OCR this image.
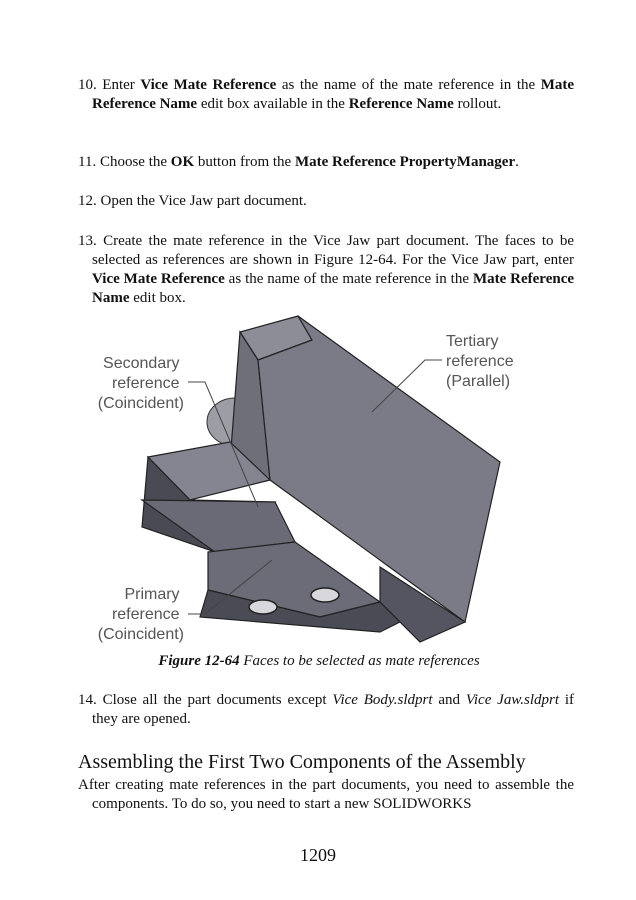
10. Enter Vice Mate Reference as the name of the mate reference in the Mate Reference Name edit box available in the Reference Name rollout.

11. Choose the OK button from the Mate Reference PropertyManager.

12. Open the Vice Jaw part document.

13. Create the mate reference in the Vice Jaw part document. The faces to be selected as references are shown in Figure 12-64. For the Vice Jaw part, enter Vice Mate Reference as the name of the mate reference in the Mate Reference Name edit box.

Secondary reference (Coincident)
Tertiary reference (Parallel)
Primary reference (Coincident)

Figure 12-64 Faces to be selected as mate references

14. Close all the part documents except Vice Body.sldprt and Vice Jaw.sldprt if they are opened.

Assembling the First Two Components of the Assembly

After creating mate references in the part documents, you need to assemble the components. To do so, you need to start a new SOLIDWORKS

1209
